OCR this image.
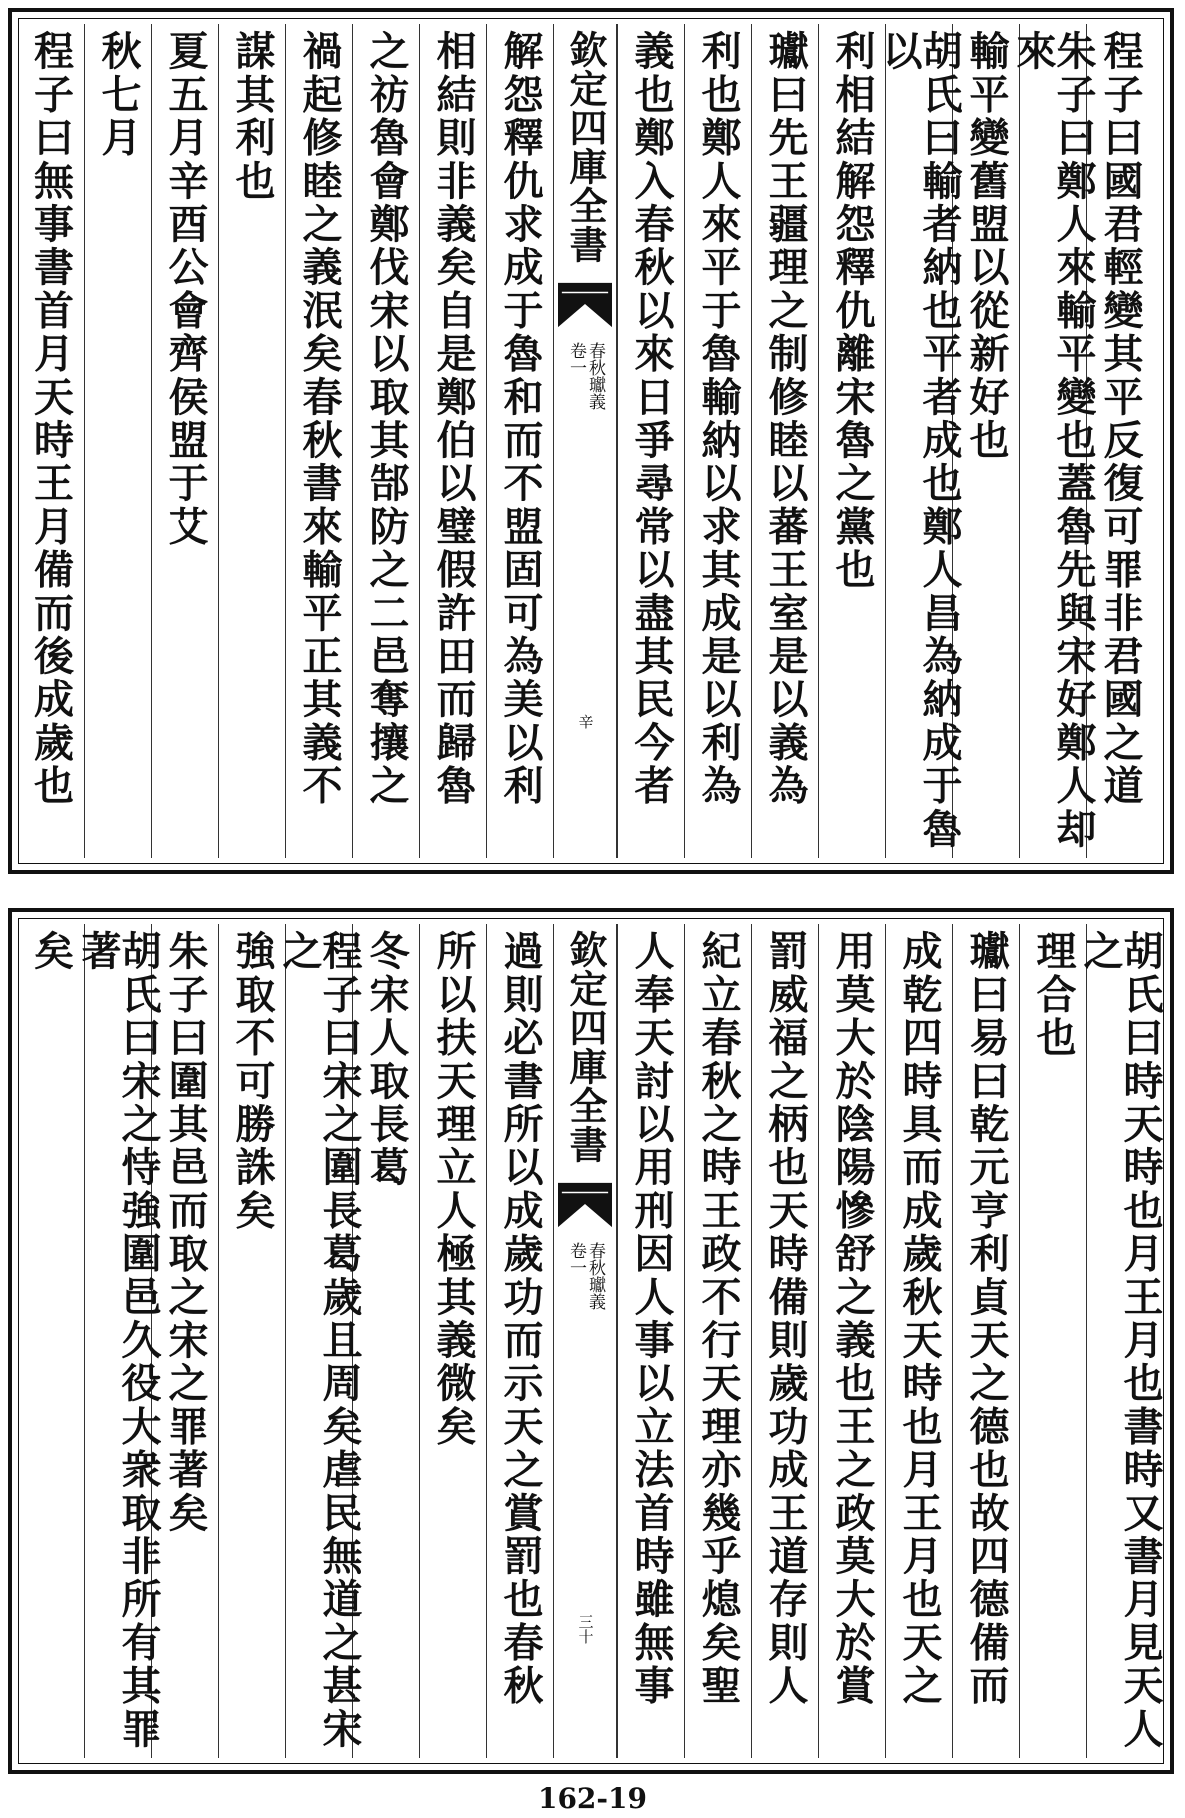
程子曰國君輕變其平反復可罪非君國之道
朱子曰鄭人來輸平變也蓋魯先與宋好鄭人却來
輸平變舊盟以從新好也
胡氏曰輸者納也平者成也鄭人昌為納成于魯以
利相結解怨釋仇離宋魯之黨也
瓛曰先王疆理之制修睦以蕃王室是以義為
利也鄭人來平于魯輸納以求其成是以利為
義也鄭入春秋以來日爭尋常以盡其民今者
欽定四庫全書
卷一 春秋瓛義
辛
解怨釋仇求成于魯和而不盟固可為美以利
相結則非義矣自是鄭伯以璧假許田而歸魯
之祊魯會鄭伐宋以取其郜防之二邑奪攘之
禍起修睦之義泯矣春秋書來輸平正其義不
謀其利也
夏五月辛酉公會齊侯盟于艾
秋七月
程子曰無事書首月天時王月備而後成歲也
胡氏曰時天時也月王月也書時又書月見天人之
理合也
瓛曰易曰乾元亨利貞天之德也故四德備而
成乾四時具而成歲秋天時也月王月也天之
用莫大於陰陽慘舒之義也王之政莫大於賞
罰威福之柄也天時備則歲功成王道存則人
紀立春秋之時王政不行天理亦幾乎熄矣聖
人奉天討以用刑因人事以立法首時雖無事
欽定四庫全書
卷一 春秋瓛義
三十
過則必書所以成歲功而示天之賞罰也春秋
所以扶天理立人極其義微矣
冬宋人取長葛
程子曰宋之圍長葛歲且周矣虐民無道之甚宋之
強取不可勝誅矣
朱子曰圍其邑而取之宋之罪著矣
胡氏曰宋之恃強圍邑久役大衆取非所有其罪著
矣
162-19
